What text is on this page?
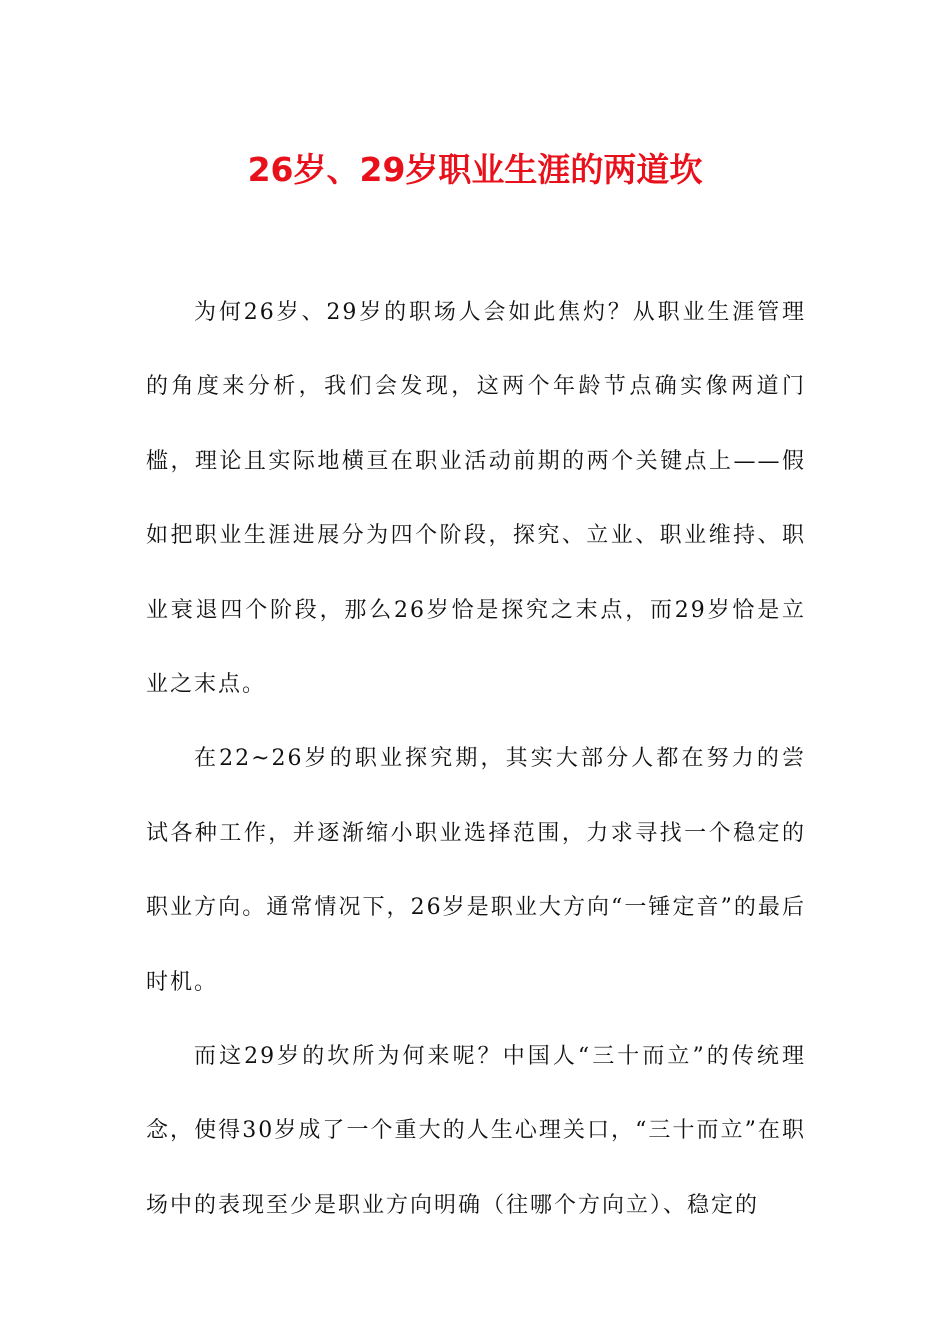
26岁、29岁职业生涯的两道坎

为何26岁、29岁的职场人会如此焦灼？从职业生涯管理的角度来分析，我们会发现，这两个年龄节点确实像两道门槛，理论且实际地横亘在职业活动前期的两个关键点上——假如把职业生涯进展分为四个阶段，探究、立业、职业维持、职业衰退四个阶段，那么26岁恰是探究之末点，而29岁恰是立业之末点。

在22~26岁的职业探究期，其实大部分人都在努力的尝试各种工作，并逐渐缩小职业选择范围，力求寻找一个稳定的职业方向。通常情况下，26岁是职业大方向“一锤定音”的最后时机。

而这29岁的坎所为何来呢？中国人“三十而立”的传统理念，使得30岁成了一个重大的人生心理关口，“三十而立”在职场中的表现至少是职业方向明确（往哪个方向立）、稳定的
